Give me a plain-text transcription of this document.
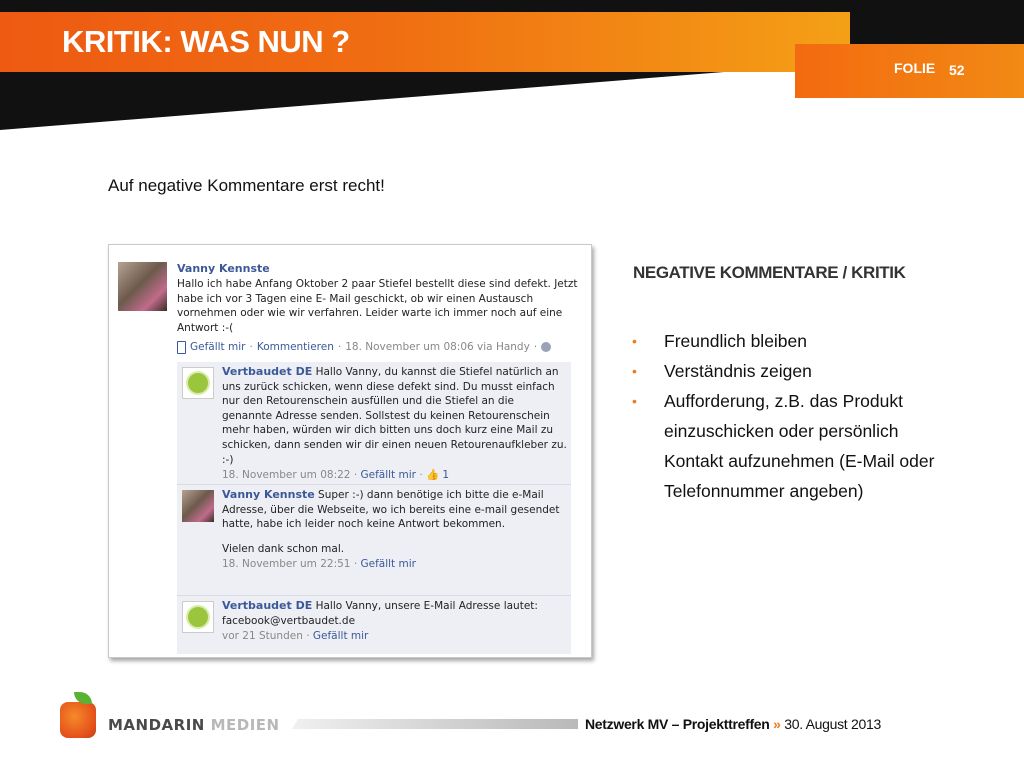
KRITIK: WAS NUN ?
FOLIE 52
Auf negative Kommentare erst recht!
Vanny Kennste
Hallo ich habe Anfang Oktober 2 paar Stiefel bestellt diese sind defekt. Jetzt habe ich vor 3 Tagen eine E- Mail geschickt, ob wir einen Austausch vornehmen oder wie wir verfahren. Leider warte ich immer noch auf eine Antwort :-(
Gefällt mir · Kommentieren · 18. November um 08:06 via Handy ·
Vertbaudet DE Hallo Vanny, du kannst die Stiefel natürlich an uns zurück schicken, wenn diese defekt sind. Du musst einfach nur den Retourenschein ausfüllen und die Stiefel an die genannte Adresse senden. Sollstest du keinen Retourenschein mehr haben, würden wir dich bitten uns doch kurz eine Mail zu schicken, dann senden wir dir einen neuen Retourenaufkleber zu. :-)
18. November um 08:22 · Gefällt mir · 👍 1
Vanny Kennste Super :-) dann benötige ich bitte die e-Mail Adresse, über die Webseite, wo ich bereits eine e-mail gesendet hatte, habe ich leider noch keine Antwort bekommen.
Vielen dank schon mal.
18. November um 22:51 · Gefällt mir
Vertbaudet DE Hallo Vanny, unsere E-Mail Adresse lautet: facebook@vertbaudet.de
vor 21 Stunden · Gefällt mir
NEGATIVE KOMMENTARE / KRITIK
• Freundlich bleiben
• Verständnis zeigen
• Aufforderung, z.B. das Produkt einzuschicken oder persönlich Kontakt aufzunehmen (E-Mail oder Telefonnummer angeben)
MANDARIN MEDIEN	Netzwerk MV – Projekttreffen » 30. August 2013
